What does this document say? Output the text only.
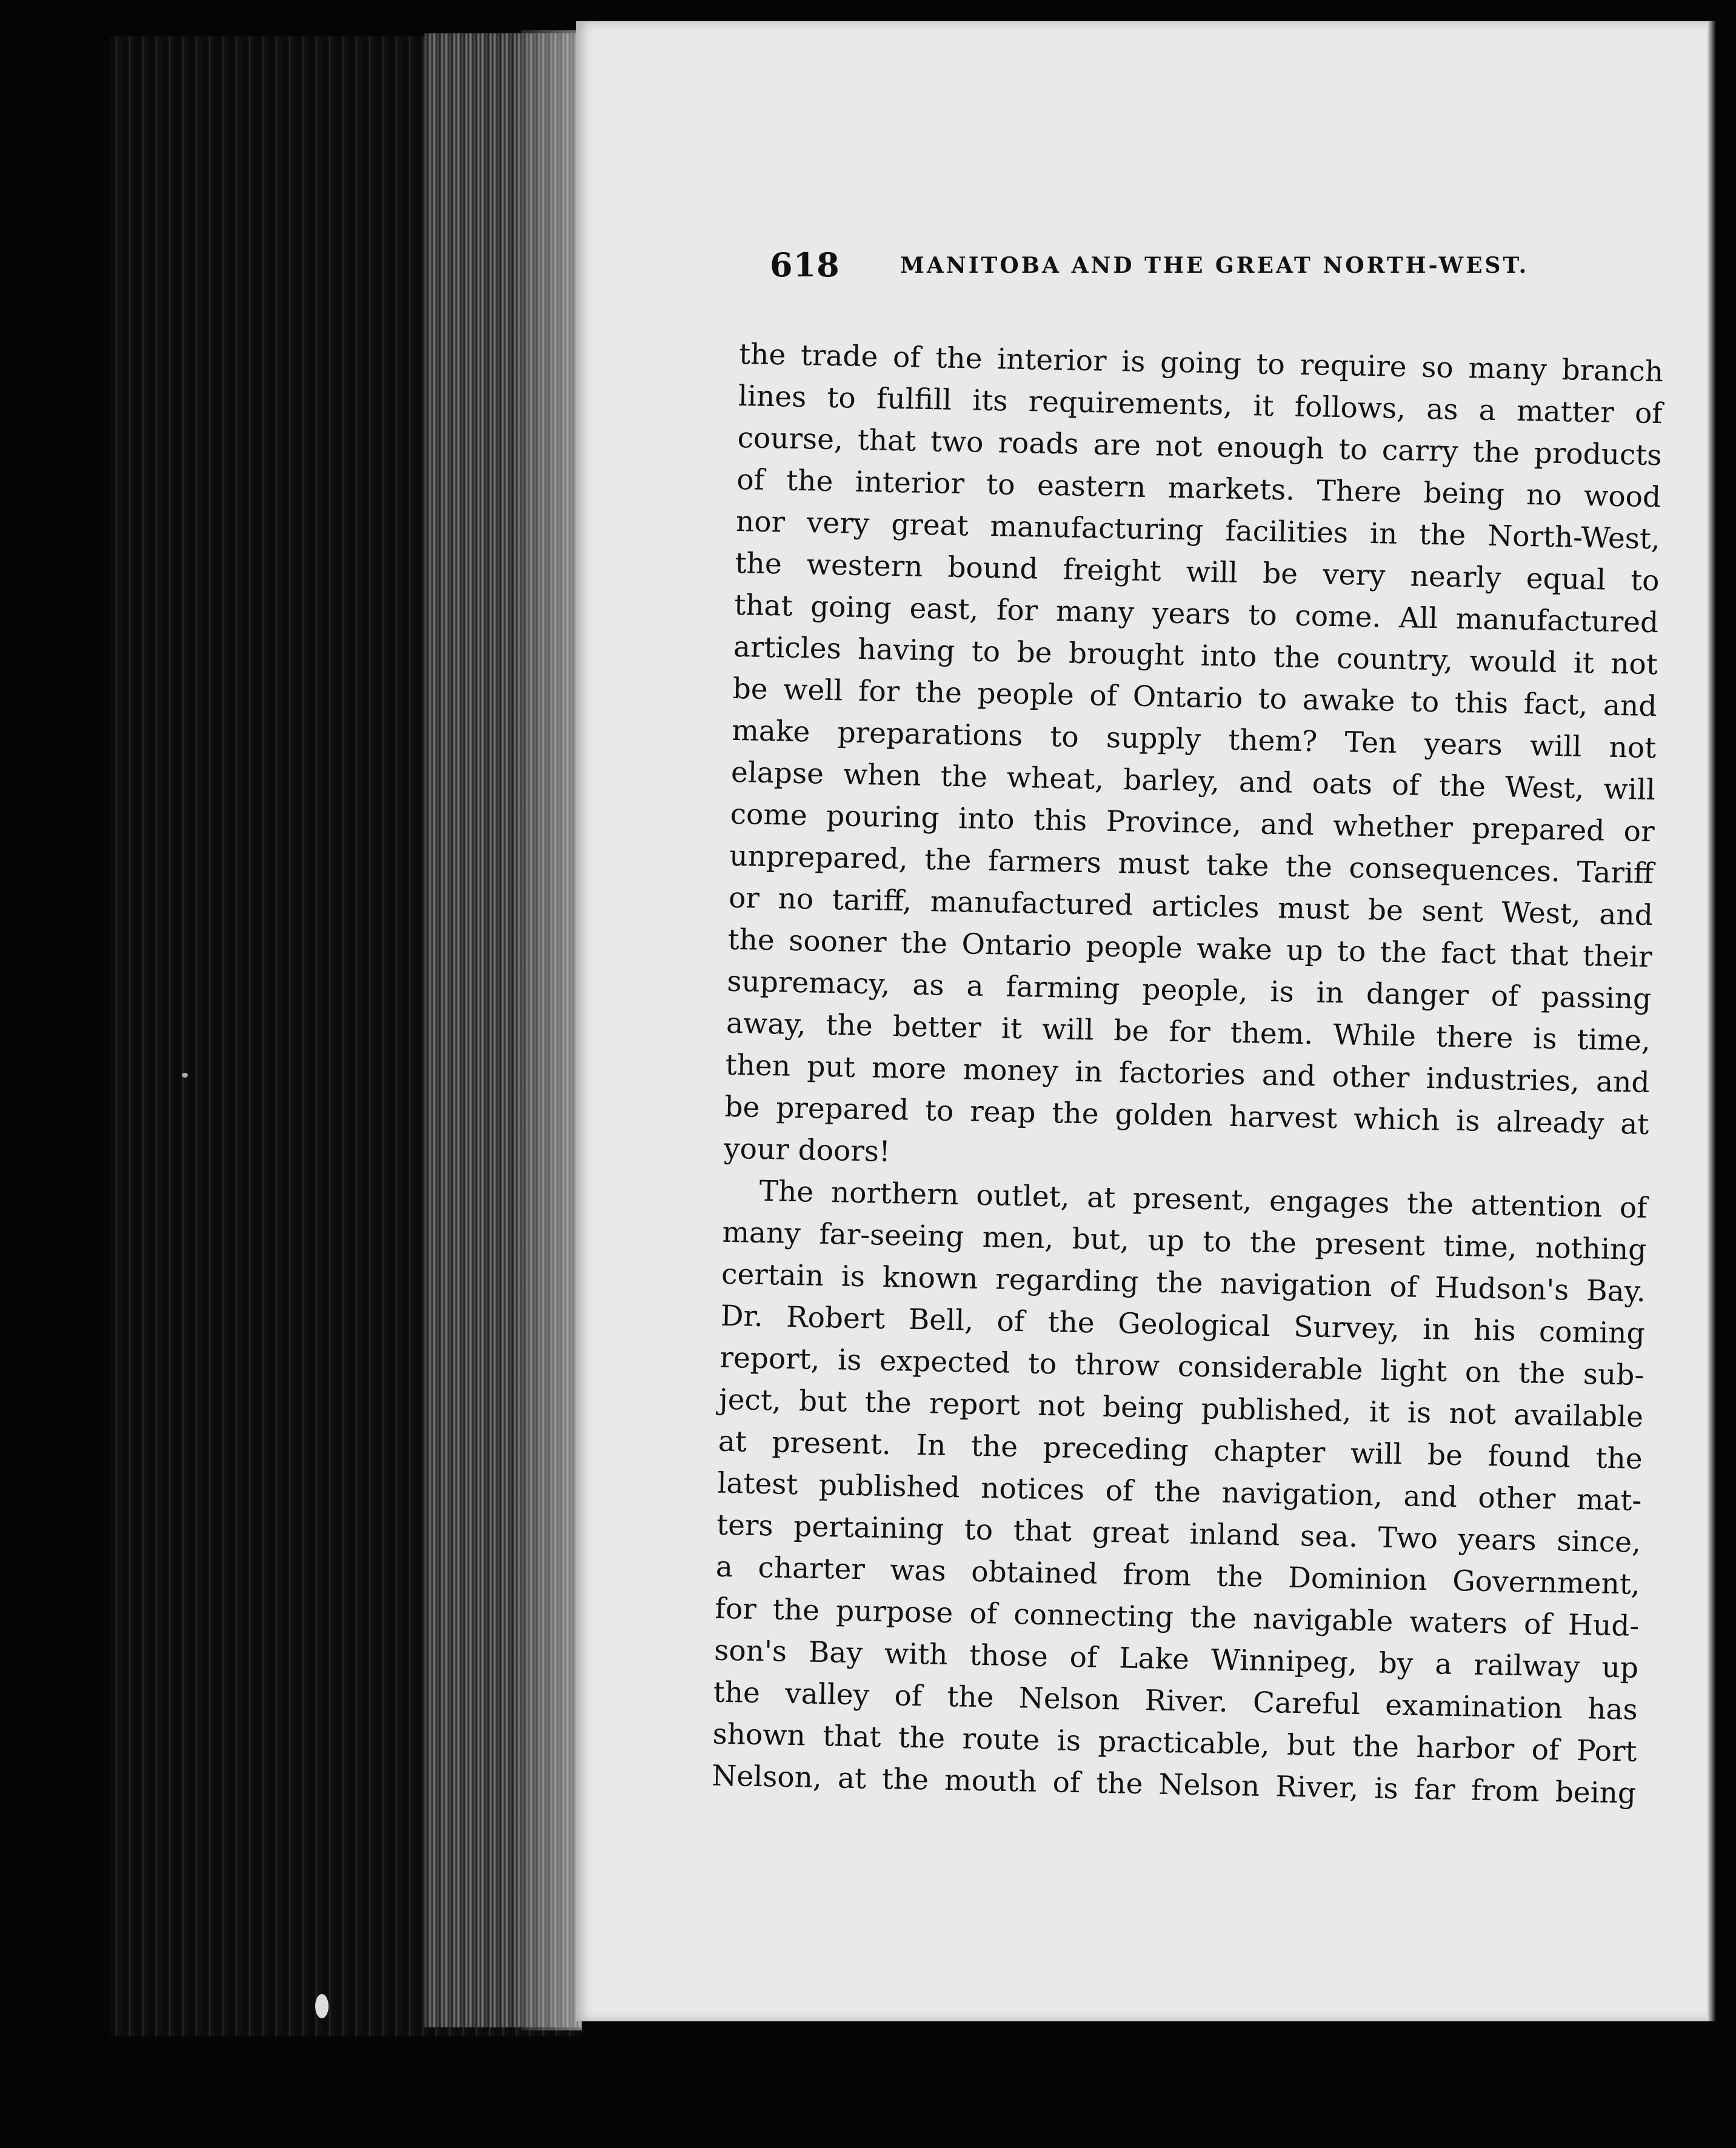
618	MANITOBA AND THE GREAT NORTH-WEST.
the trade of the interior is going to require so many branch
lines to fulfill its requirements, it follows, as a matter of
course, that two roads are not enough to carry the products
of the interior to eastern markets. There being no wood
nor very great manufacturing facilities in the North-West,
the western bound freight will be very nearly equal to
that going east, for many years to come. All manufactured
articles having to be brought into the country, would it not
be well for the people of Ontario to awake to this fact, and
make preparations to supply them? Ten years will not
elapse when the wheat, barley, and oats of the West, will
come pouring into this Province, and whether prepared or
unprepared, the farmers must take the consequences. Tariff
or no tariff, manufactured articles must be sent West, and
the sooner the Ontario people wake up to the fact that their
supremacy, as a farming people, is in danger of passing
away, the better it will be for them. While there is time,
then put more money in factories and other industries, and
be prepared to reap the golden harvest which is already at
your doors!
The northern outlet, at present, engages the attention of
many far-seeing men, but, up to the present time, nothing
certain is known regarding the navigation of Hudson's Bay.
Dr. Robert Bell, of the Geological Survey, in his coming
report, is expected to throw considerable light on the sub-
ject, but the report not being published, it is not available
at present. In the preceding chapter will be found the
latest published notices of the navigation, and other mat-
ters pertaining to that great inland sea. Two years since,
a charter was obtained from the Dominion Government,
for the purpose of connecting the navigable waters of Hud-
son's Bay with those of Lake Winnipeg, by a railway up
the valley of the Nelson River. Careful examination has
shown that the route is practicable, but the harbor of Port
Nelson, at the mouth of the Nelson River, is far from being
